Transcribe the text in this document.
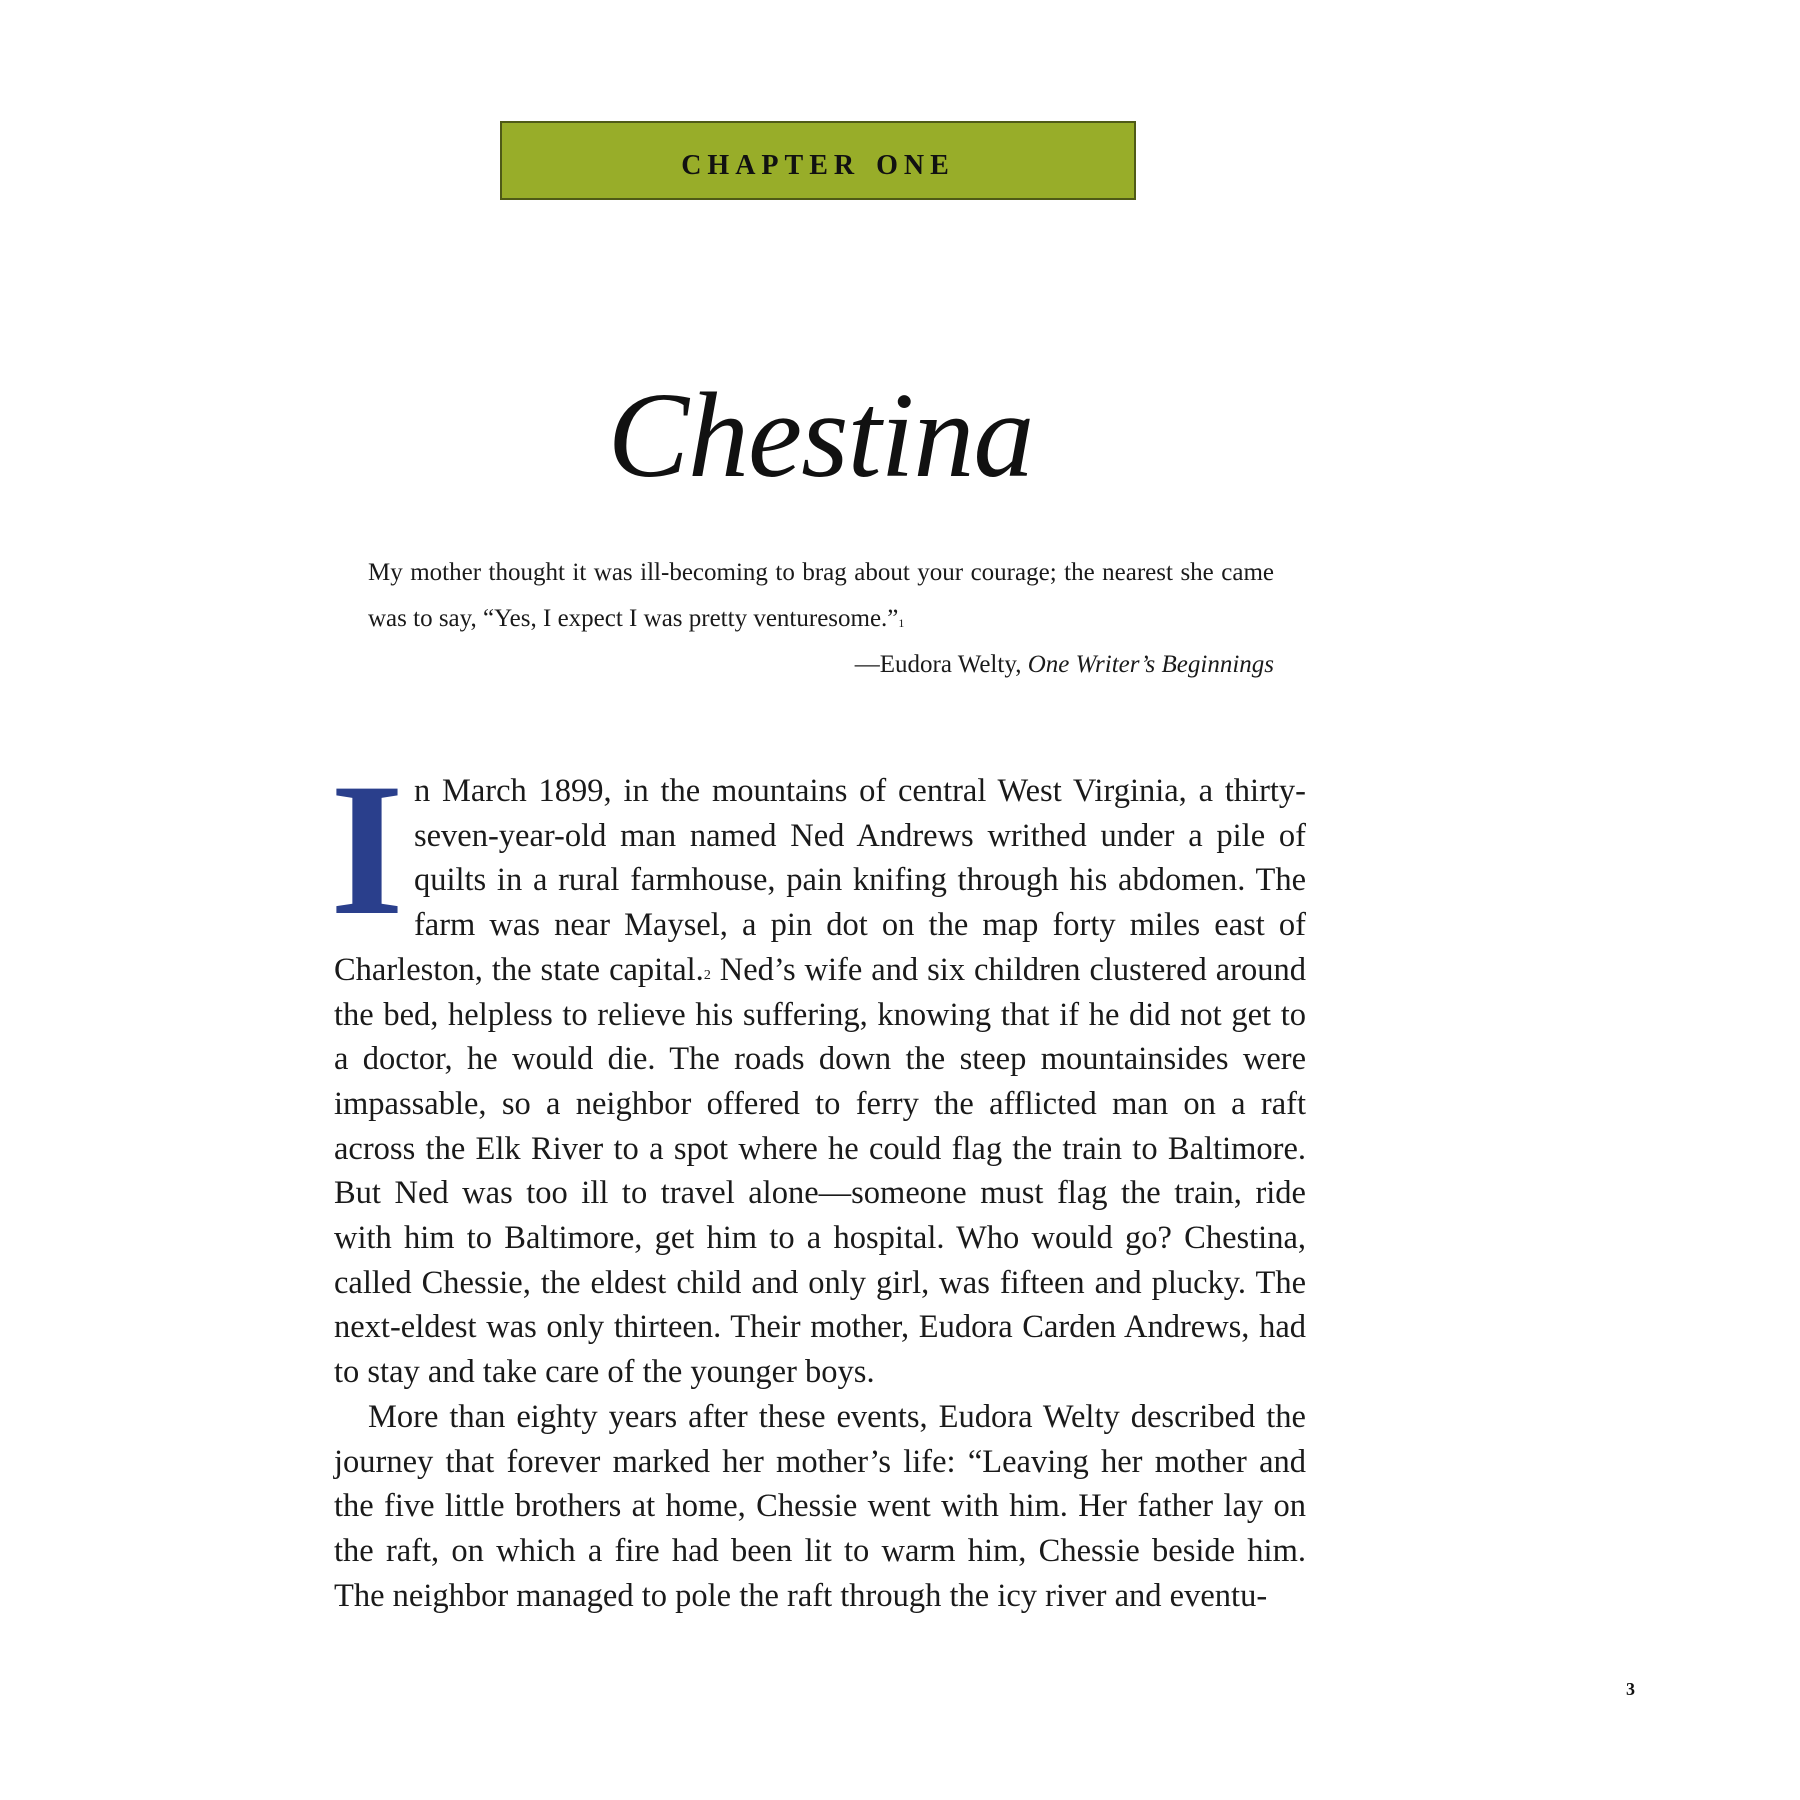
chapter one
Chestina
My mother thought it was ill-becoming to brag about your courage; the nearest she came was to say, “Yes, I expect I was pretty venturesome.”$^1$
—Eudora Welty, One Writer’s Beginnings

In March 1899, in the mountains of central West Virginia, a thirty-seven-year-old man named Ned Andrews writhed under a pile of quilts in a rural farmhouse, pain knifing through his abdomen. The farm was near Maysel, a pin dot on the map forty miles east of Charleston, the state capital.$^2$ Ned’s wife and six children clustered around the bed, helpless to relieve his suffering, knowing that if he did not get to a doctor, he would die. The roads down the steep mountainsides were impassable, so a neighbor offered to ferry the afflicted man on a raft across the Elk River to a spot where he could flag the train to Baltimore. But Ned was too ill to travel alone—someone must flag the train, ride with him to Baltimore, get him to a hospital. Who would go? Chestina, called Chessie, the eldest child and only girl, was fifteen and plucky. The next-eldest was only thirteen. Their mother, Eudora Carden Andrews, had to stay and take care of the younger boys.

More than eighty years after these events, Eudora Welty described the journey that forever marked her mother’s life: “Leaving her mother and the five little brothers at home, Chessie went with him. Her father lay on the raft, on which a fire had been lit to warm him, Chessie beside him. The neighbor managed to pole the raft through the icy river and eventu-

3
